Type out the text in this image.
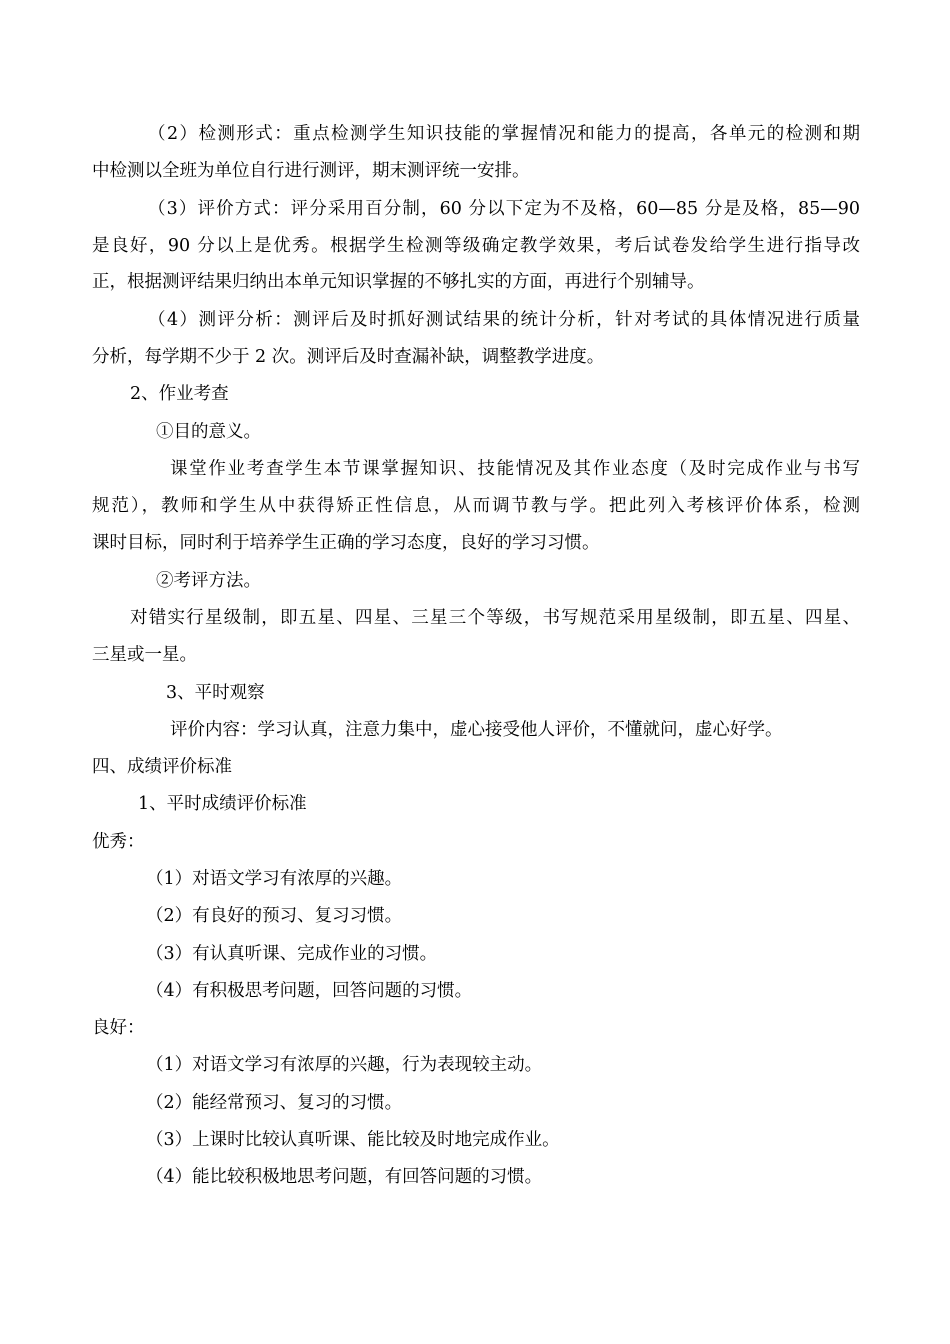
（2）检测形式：重点检测学生知识技能的掌握情况和能力的提高，各单元的检测和期
中检测以全班为单位自行进行测评，期末测评统一安排。
（3）评价方式：评分采用百分制，60 分以下定为不及格，60—85 分是及格，85—90
是良好，90 分以上是优秀。根据学生检测等级确定教学效果，考后试卷发给学生进行指导改
正，根据测评结果归纳出本单元知识掌握的不够扎实的方面，再进行个别辅导。
（4）测评分析：测评后及时抓好测试结果的统计分析，针对考试的具体情况进行质量
分析，每学期不少于 2 次。测评后及时查漏补缺，调整教学进度。
2、作业考查
①目的意义。
课堂作业考查学生本节课掌握知识、技能情况及其作业态度（及时完成作业与书写
规范），教师和学生从中获得矫正性信息，从而调节教与学。把此列入考核评价体系，检测
课时目标，同时利于培养学生正确的学习态度，良好的学习习惯。
②考评方法。
对错实行星级制，即五星、四星、三星三个等级，书写规范采用星级制，即五星、四星、
三星或一星。
3、平时观察
评价内容：学习认真，注意力集中，虚心接受他人评价，不懂就问，虚心好学。
四、成绩评价标准
1、平时成绩评价标准
优秀：
（1）对语文学习有浓厚的兴趣。
（2）有良好的预习、复习习惯。
（3）有认真听课、完成作业的习惯。
（4）有积极思考问题，回答问题的习惯。
良好：
（1）对语文学习有浓厚的兴趣，行为表现较主动。
（2）能经常预习、复习的习惯。
（3）上课时比较认真听课、能比较及时地完成作业。
（4）能比较积极地思考问题，有回答问题的习惯。
